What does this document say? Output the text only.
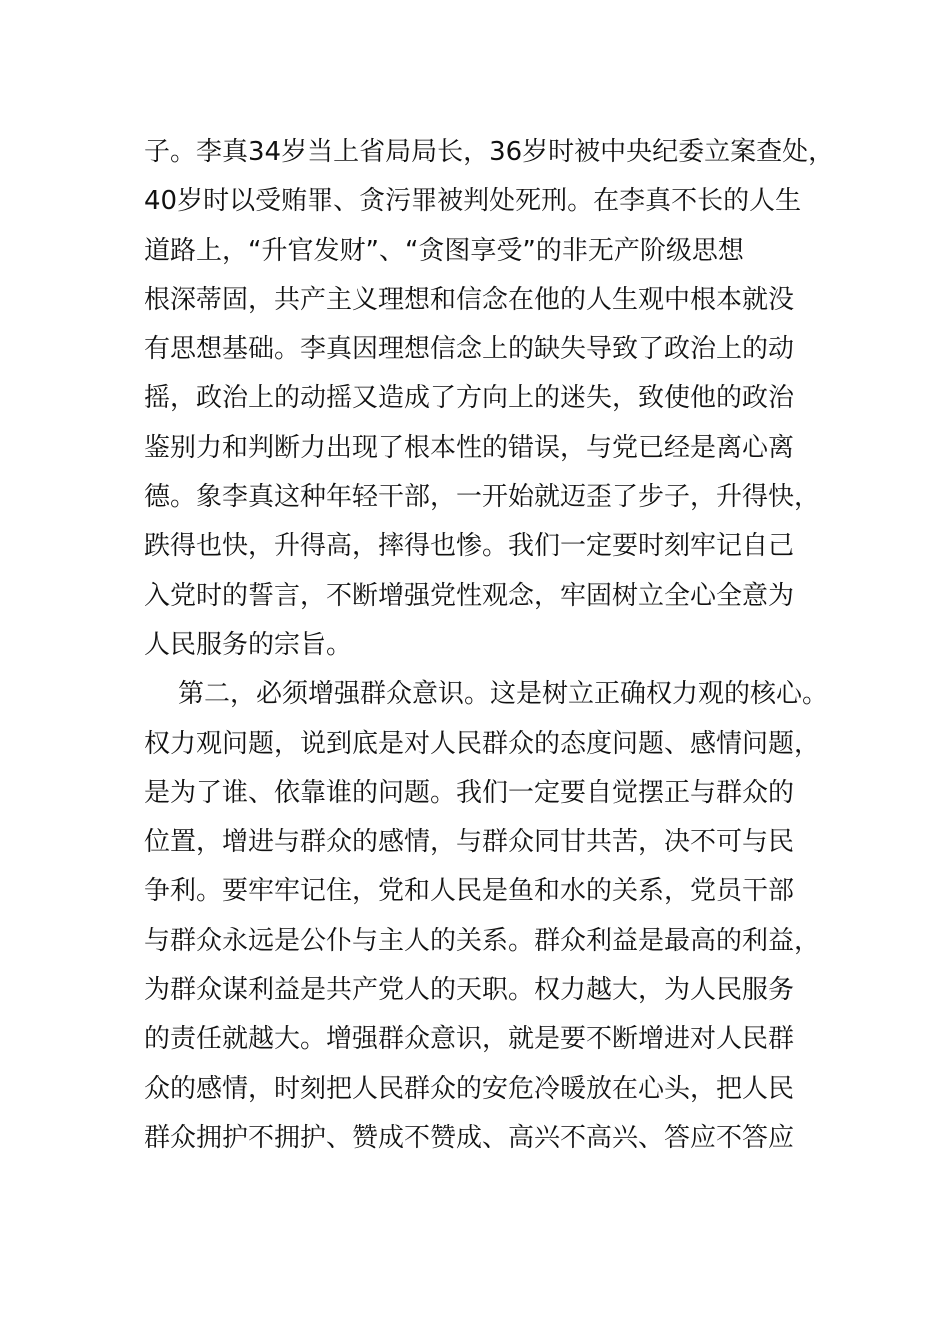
子。李真34岁当上省局局长，36岁时被中央纪委立案查处，
40岁时以受贿罪、贪污罪被判处死刑。在李真不长的人生
道路上，“升官发财”、“贪图享受”的非无产阶级思想
根深蒂固，共产主义理想和信念在他的人生观中根本就没
有思想基础。李真因理想信念上的缺失导致了政治上的动
摇，政治上的动摇又造成了方向上的迷失，致使他的政治
鉴别力和判断力出现了根本性的错误，与党已经是离心离
德。象李真这种年轻干部，一开始就迈歪了步子，升得快，
跌得也快，升得高，摔得也惨。我们一定要时刻牢记自己
入党时的誓言，不断增强党性观念，牢固树立全心全意为
人民服务的宗旨。
第二，必须增强群众意识。这是树立正确权力观的核心。
权力观问题，说到底是对人民群众的态度问题、感情问题，
是为了谁、依靠谁的问题。我们一定要自觉摆正与群众的
位置，增进与群众的感情，与群众同甘共苦，决不可与民
争利。要牢牢记住，党和人民是鱼和水的关系，党员干部
与群众永远是公仆与主人的关系。群众利益是最高的利益，
为群众谋利益是共产党人的天职。权力越大，为人民服务
的责任就越大。增强群众意识，就是要不断增进对人民群
众的感情，时刻把人民群众的安危冷暖放在心头，把人民
群众拥护不拥护、赞成不赞成、高兴不高兴、答应不答应
